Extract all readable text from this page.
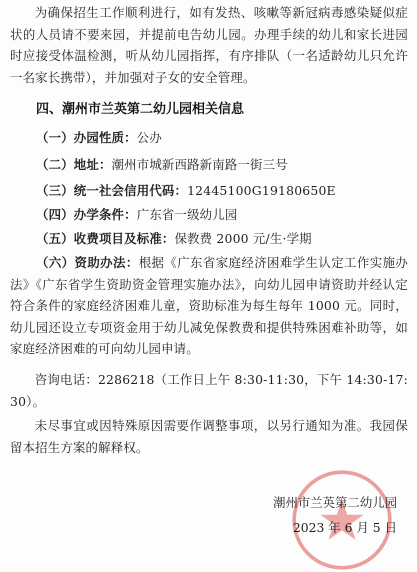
为确保招生工作顺利进行，如有发热、咳嗽等新冠病毒感染疑似症状的人员请不要来园，并提前电告幼儿园。办理手续的幼儿和家长进园时应接受体温检测，听从幼儿园指挥，有序排队（一名适龄幼儿只允许一名家长携带），并加强对子女的安全管理。

四、潮州市兰英第二幼儿园相关信息

（一）办园性质：公办

（二）地址：潮州市城新西路新南路一街三号

（三）统一社会信用代码：12445100G19180650E

（四）办学条件：广东省一级幼儿园

（五）收费项目及标准：保教费 2000 元/生·学期

（六）资助办法：根据《广东省家庭经济困难学生认定工作实施办法》《广东省学生资助资金管理实施办法》，向幼儿园申请资助并经认定符合条件的家庭经济困难儿童，资助标准为每生每年 1000 元。同时，幼儿园还设立专项资金用于幼儿减免保教费和提供特殊困难补助等，如家庭经济困难的可向幼儿园申请。

咨询电话：2286218（工作日上午 8:30-11:30，下午 14:30-17:30）。

未尽事宜或因特殊原因需要作调整事项，以另行通知为准。我园保留本招生方案的解释权。

潮州市兰英第二幼儿园

2023 年 6 月 5 日
